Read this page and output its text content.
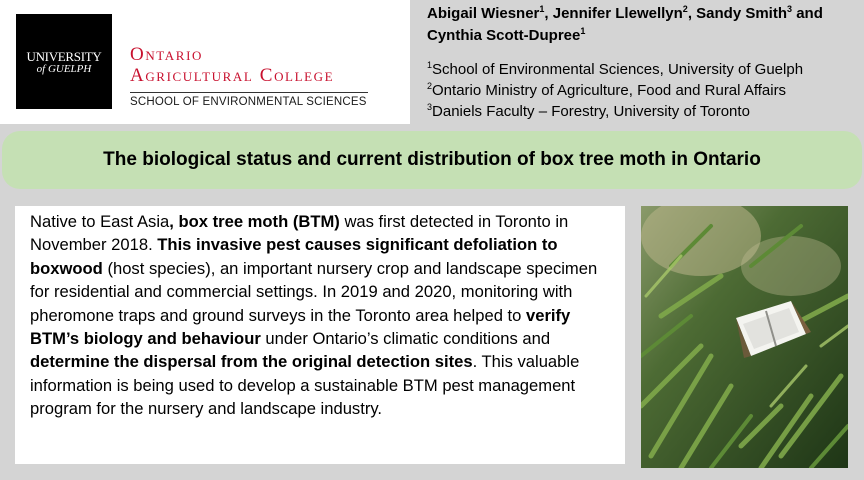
UNIVERSITY
of GUELPH
Ontario
Agricultural College
SCHOOL OF ENVIRONMENTAL SCIENCES
Abigail Wiesner$^1$, Jennifer Llewellyn$^2$, Sandy Smith$^3$ and
Cynthia Scott-Dupree$^1$
$^1$School of Environmental Sciences, University of Guelph
$^2$Ontario Ministry of Agriculture, Food and Rural Affairs
$^3$Daniels Faculty – Forestry, University of Toronto
The biological status and current distribution of box tree moth in Ontario

Native to East Asia, box tree moth (BTM) was first detected in Toronto in November 2018. This invasive pest causes significant defoliation to boxwood (host species), an important nursery crop and landscape specimen for residential and commercial settings. In 2019 and 2020, monitoring with pheromone traps and ground surveys in the Toronto area helped to verify BTM’s biology and behaviour under Ontario’s climatic conditions and determine the dispersal from the original detection sites. This valuable information is being used to develop a sustainable BTM pest management program for the nursery and landscape industry.
